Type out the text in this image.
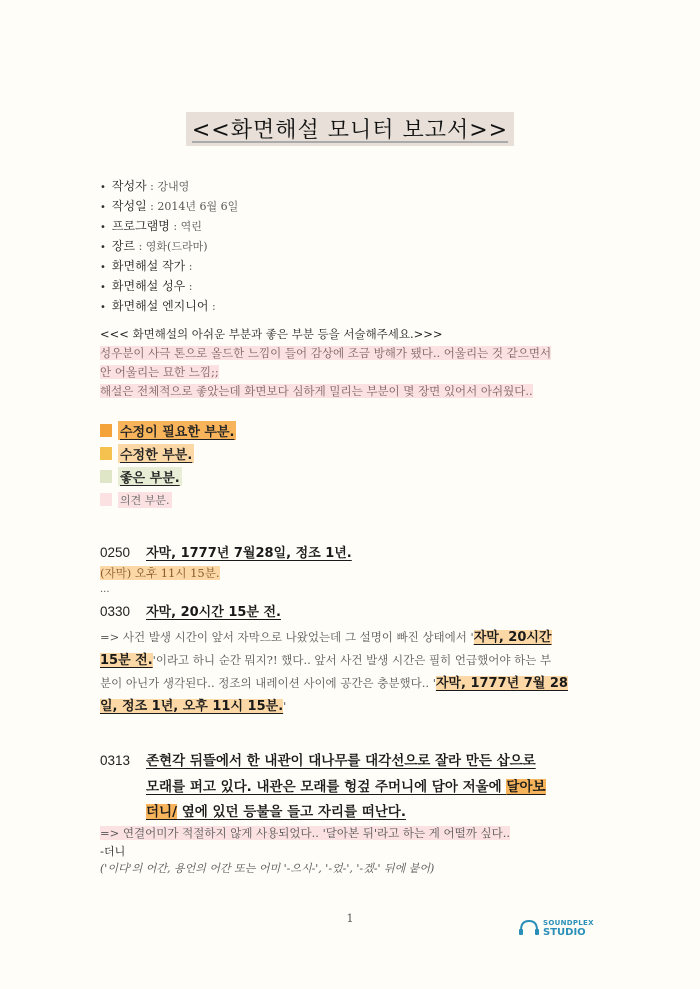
<<화면해설 모니터 보고서>>
• 작성자 : 강내영
• 작성일 : 2014년 6월 6일
• 프로그램명 : 역린
• 장르 : 영화(드라마)
• 화면해설 작가 :
• 화면해설 성우 :
• 화면해설 엔지니어 :
<<< 화면해설의 아쉬운 부분과 좋은 부분 등을 서술해주세요.>>>
성우분이 사극 톤으로 올드한 느낌이 들어 감상에 조금 방해가 됐다.. 어울리는 것 같으면서
안 어울리는 묘한 느낌;;
해설은 전체적으로 좋았는데 화면보다 심하게 밀리는 부분이 몇 장면 있어서 아쉬웠다..
수정이 필요한 부분.
수정한 부분.
좋은 부분.
의견 부분.
0250	자막, 1777년 7월28일, 정조 1년.
(자막) 오후 11시 15분.
...
0330	자막, 20시간 15분 전.
=> 사건 발생 시간이 앞서 자막으로 나왔었는데 그 설명이 빠진 상태에서 '자막, 20시간
15분 전.'이라고 하니 순간 뭐지?! 했다.. 앞서 사건 발생 시간은 필히 언급했어야 하는 부
분이 아닌가 생각된다.. 정조의 내레이션 사이에 공간은 충분했다.. '자막, 1777년 7월 28
일, 정조 1년, 오후 11시 15분.'
0313	존현각 뒤뜰에서 한 내관이 대나무를 대각선으로 잘라 만든 삽으로
모래를 퍼고 있다. 내관은 모래를 헝겊 주머니에 담아 저울에 달아보
더니/ 옆에 있던 등불을 들고 자리를 떠난다.
=> 연결어미가 적절하지 않게 사용되었다.. '달아본 뒤'라고 하는 게 어떨까 싶다..
-더니
('이다'의 어간, 용언의 어간 또는 어미 '-으시-', '-었-', '-겠-' 뒤에 붙어)
1	SOUNDPLEX
STUDIO
